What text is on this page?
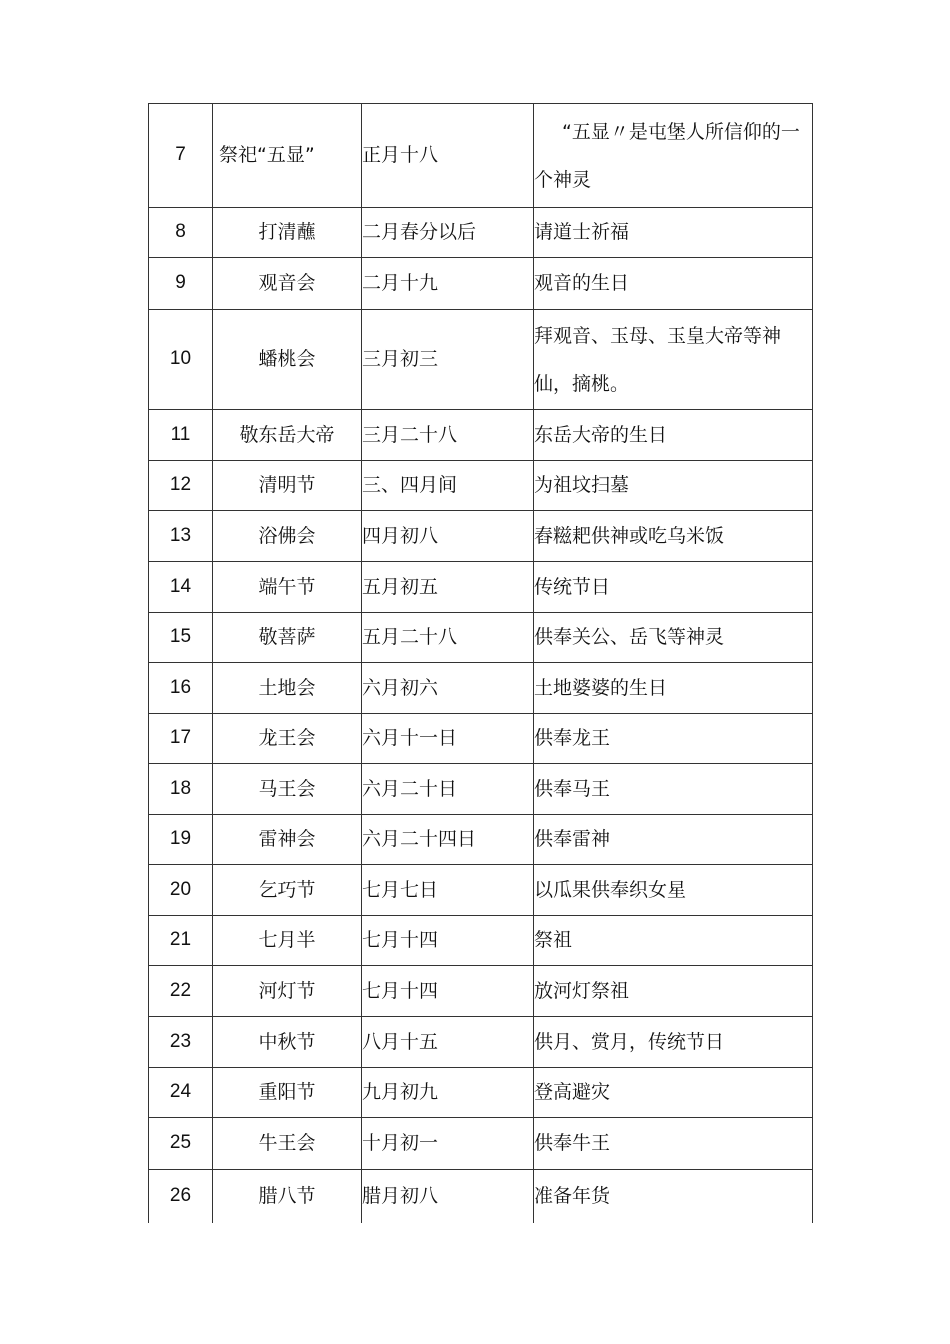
7	祭祀“五显”	正月十八	“五显〃是屯堡人所信仰的一个神灵

8	打清蘸	二月春分以后	请道士祈福
9	观音会	二月十九	观音的生日
10	蟠桃会	三月初三	拜观音、玉母、玉皇大帝等神仙，摘桃。

11	敬东岳大帝	三月二十八	东岳大帝的生日
12	清明节	三、四月间	为祖坟扫墓
13	浴佛会	四月初八	舂糍耙供神或吃乌米饭
14	端午节	五月初五	传统节日
15	敬菩萨	五月二十八	供奉关公、岳飞等神灵
16	土地会	六月初六	土地婆婆的生日
17	龙王会	六月十一日	供奉龙王
18	马王会	六月二十日	供奉马王
19	雷神会	六月二十四日	供奉雷神
20	乞巧节	七月七日	以瓜果供奉织女星
21	七月半	七月十四	祭祖
22	河灯节	七月十四	放河灯祭祖
23	中秋节	八月十五	供月、赏月，传统节日
24	重阳节	九月初九	登高避灾
25	牛王会	十月初一	供奉牛王
26	腊八节	腊月初八	准备年货
